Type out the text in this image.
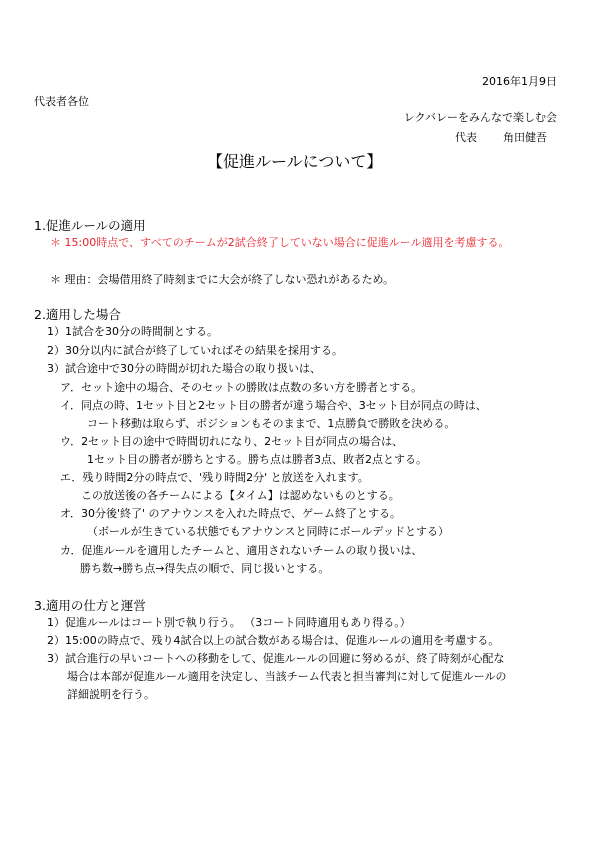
2016年1月9日
代表者各位
レクバレーをみんなで楽しむ会
代表 角田健吾
【促進ルールについて】
1.促進ルールの適用
＊ 15:00時点で、すべてのチームが2試合終了していない場合に促進ルール適用を考慮する。
＊ 理由：会場借用終了時刻までに大会が終了しない恐れがあるため。
2.適用した場合
1）1試合を30分の時間制とする。
2）30分以内に試合が終了していればその結果を採用する。
3）試合途中で30分の時間が切れた場合の取り扱いは、
ア．セット途中の場合、そのセットの勝敗は点数の多い方を勝者とする。
イ．同点の時、1セット目と2セット目の勝者が違う場合や、3セット目が同点の時は、
コート移動は取らず、ポジションもそのままで、1点勝負で勝敗を決める。
ウ．2セット目の途中で時間切れになり、2セット目が同点の場合は、
1セット目の勝者が勝ちとする。勝ち点は勝者3点、敗者2点とする。
エ．残り時間2分の時点で、'残り時間2分' と放送を入れます。
この放送後の各チームによる【タイム】は認めないものとする。
オ．30分後'終了' のアナウンスを入れた時点で、ゲーム終了とする。
（ボールが生きている状態でもアナウンスと同時にボールデッドとする）
カ．促進ルールを適用したチームと、適用されないチームの取り扱いは、
勝ち数→勝ち点→得失点の順で、同じ扱いとする。
3.適用の仕方と運営
1）促進ルールはコート別で執り行う。 （3コート同時適用もあり得る。）
2）15:00の時点で、残り4試合以上の試合数がある場合は、促進ルールの適用を考慮する。
3）試合進行の早いコートへの移動をして、促進ルールの回避に努めるが、終了時刻が心配な
場合は本部が促進ルール適用を決定し、当該チーム代表と担当審判に対して促進ルールの
詳細説明を行う。
